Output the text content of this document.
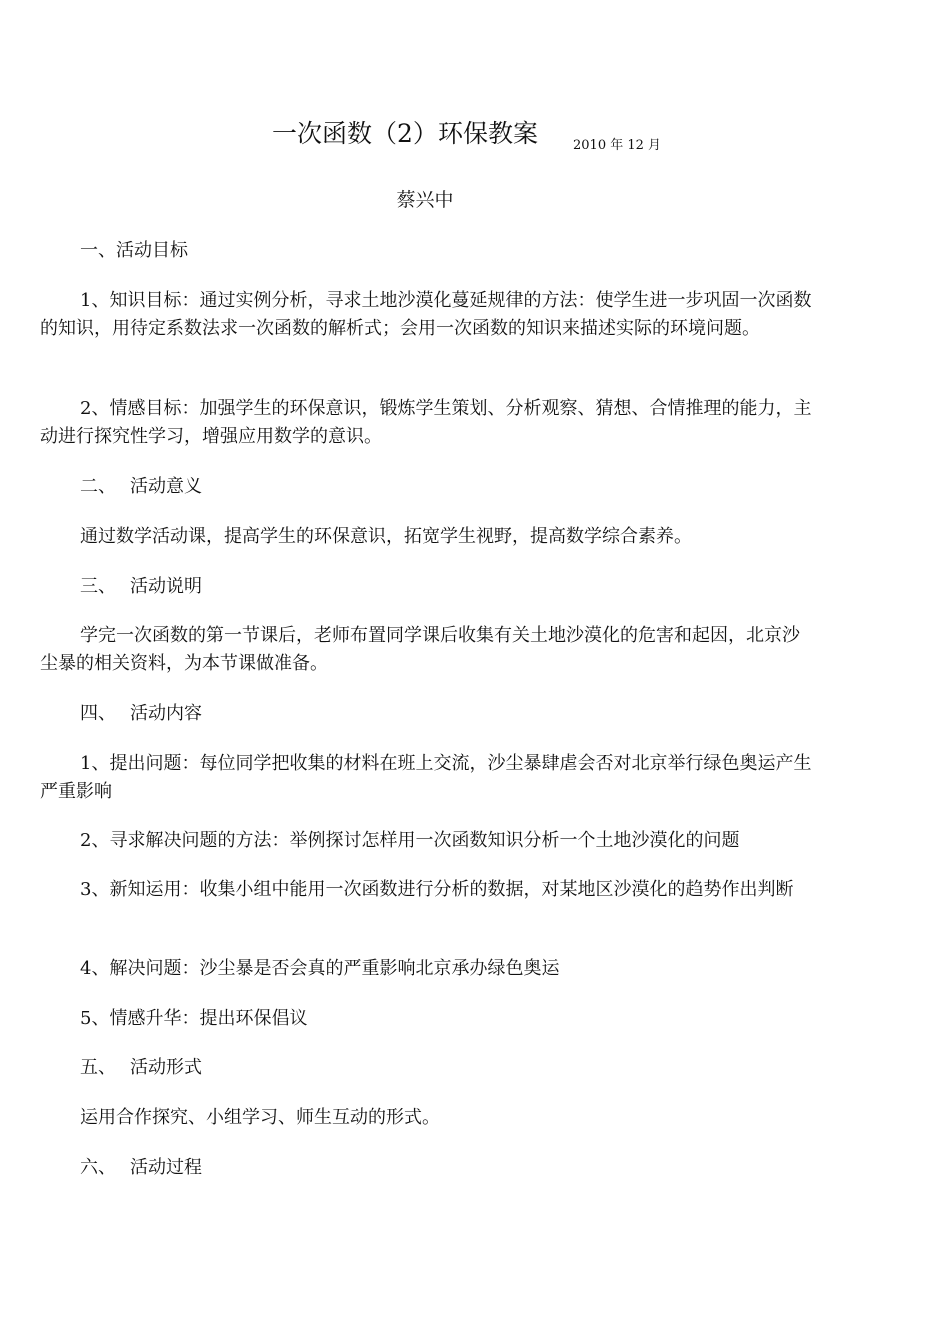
一次函数（2）环保教案	2010 年 12 月
蔡兴中

一、活动目标

1、知识目标：通过实例分析，寻求土地沙漠化蔓延规律的方法：使学生进一步巩固一次函数的知识，用待定系数法求一次函数的解析式；会用一次函数的知识来描述实际的环境问题。

2、情感目标：加强学生的环保意识，锻炼学生策划、分析观察、猜想、合情推理的能力，主动进行探究性学习，增强应用数学的意识。

二、 活动意义

通过数学活动课，提高学生的环保意识，拓宽学生视野，提高数学综合素养。

三、 活动说明

学完一次函数的第一节课后，老师布置同学课后收集有关土地沙漠化的危害和起因，北京沙尘暴的相关资料，为本节课做准备。

四、 活动内容

1、提出问题：每位同学把收集的材料在班上交流，沙尘暴肆虐会否对北京举行绿色奥运产生严重影响

2、寻求解决问题的方法：举例探讨怎样用一次函数知识分析一个土地沙漠化的问题

3、新知运用：收集小组中能用一次函数进行分析的数据，对某地区沙漠化的趋势作出判断

4、解决问题：沙尘暴是否会真的严重影响北京承办绿色奥运

5、情感升华：提出环保倡议

五、 活动形式

运用合作探究、小组学习、师生互动的形式。

六、 活动过程
